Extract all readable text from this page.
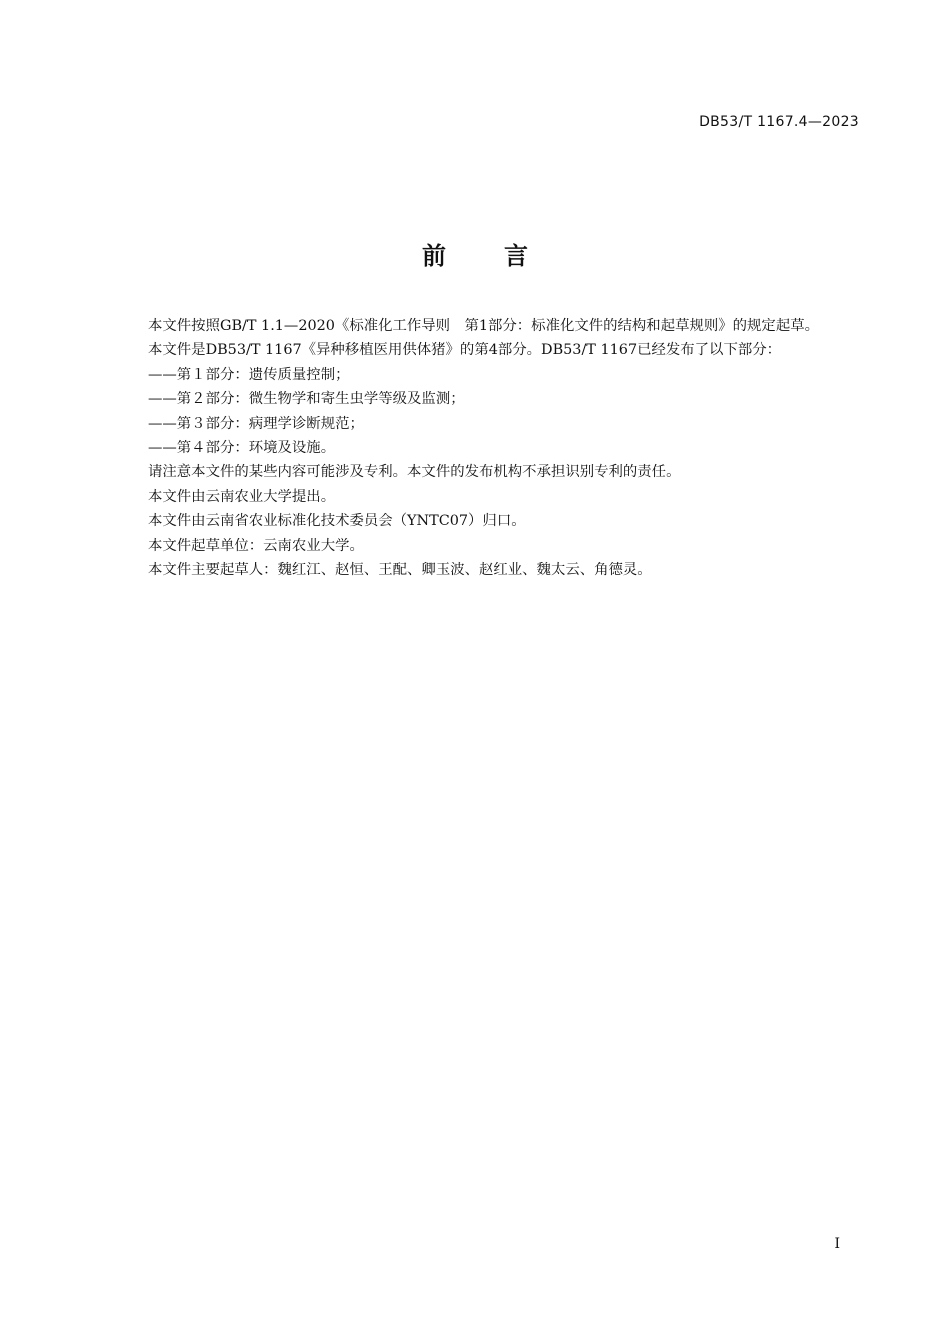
DB53/T 1167.4—2023
前言

本文件按照GB/T 1.1—2020《标准化工作导则　第1部分：标准化文件的结构和起草规则》的规定起草。

本文件是DB53/T 1167《异种移植医用供体猪》的第4部分。DB53/T 1167已经发布了以下部分：

——第１部分：遗传质量控制；

——第２部分：微生物学和寄生虫学等级及监测；

——第３部分：病理学诊断规范；

——第４部分：环境及设施。

请注意本文件的某些内容可能涉及专利。本文件的发布机构不承担识别专利的责任。

本文件由云南农业大学提出。

本文件由云南省农业标准化技术委员会（YNTC07）归口。

本文件起草单位：云南农业大学。

本文件主要起草人：魏红江、赵恒、王配、卿玉波、赵红业、魏太云、角德灵。

I
